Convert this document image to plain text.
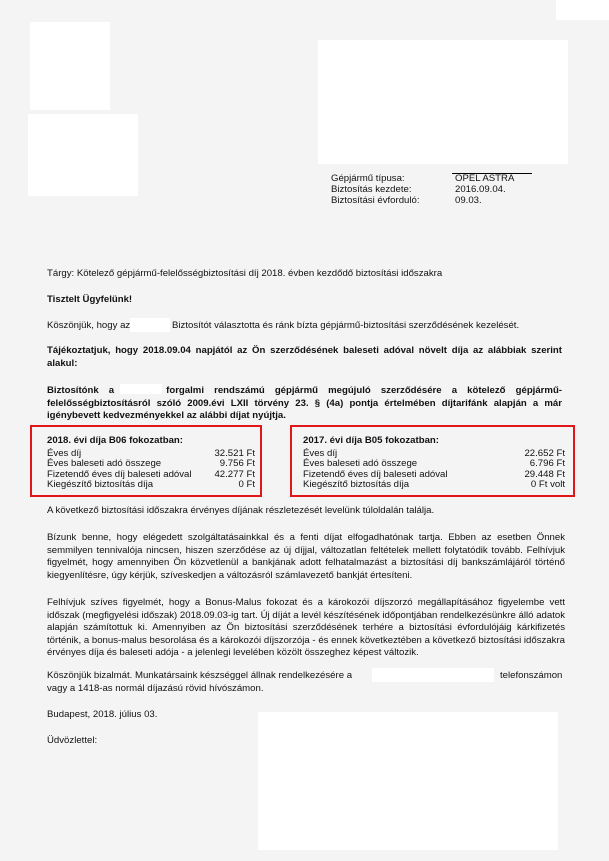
Gépjármű típusa:	OPEL ASTRA
Biztosítás kezdete:	2016.09.04.
Biztosítási évforduló:	09.03.
Tárgy: Kötelező gépjármű-felelősségbiztosítási díj 2018. évben kezdődő biztosítási időszakra
Tisztelt Ügyfelünk!
Köszönjük, hogy az	Biztosítót választotta és ránk bízta gépjármű-biztosítási szerződésének kezelését.
Tájékoztatjuk, hogy 2018.09.04 napjától az Ön szerződésének baleseti adóval növelt díja az alábbiak szerint alakul:
Biztosítónk a	forgalmi rendszámú gépjármű megújuló szerződésére a kötelező gépjármű-felelősségbiztosításról szóló 2009.évi LXII törvény 23. § (4a) pontja értelmében díjtarifánk alapján a már igénybevett kedvezményekkel az alábbi díjat nyújtja.
2018. évi díja B06 fokozatban:
Éves díj	32.521 Ft
Éves baleseti adó összege	9.756 Ft
Fizetendő éves díj baleseti adóval 42.277 Ft
Kiegészítő biztosítás díja	0 Ft
2017. évi díja B05 fokozatban:
Éves díj	22.652 Ft
Éves baleseti adó összege	6.796 Ft
Fizetendő éves díj baleseti adóval	29.448 Ft
Kiegészítő biztosítás díja	0 Ft volt
A következő biztosítási időszakra érvényes díjának részletezését levelünk túloldalán találja.
Bízunk benne, hogy elégedett szolgáltatásainkkal és a fenti díjat elfogadhatónak tartja. Ebben az esetben Önnek semmilyen tennivalója nincsen, hiszen szerződése az új díjjal, változatlan feltételek mellett folytatódik tovább. Felhívjuk figyelmét, hogy amennyiben Ön közvetlenül a bankjának adott felhatalmazást a biztosítási díj bankszámlájáról történő kiegyenlítésre, úgy kérjük, szíveskedjen a változásról számlavezető bankját értesíteni.
Felhívjuk szíves figyelmét, hogy a Bonus-Malus fokozat és a károkozói díjszorzó megállapításához figyelembe vett időszak (megfigyelési időszak) 2018.09.03-ig tart. Új díját a levél készítésének időpontjában rendelkezésünkre álló adatok alapján számítottuk ki. Amennyiben az Ön biztosítási szerződésének terhére a biztosítási évfordulójáig kárkifizetés történik, a bonus-malus besorolása és a károkozói díjszorzója - és ennek következtében a következő biztosítási időszakra érvényes díja és baleseti adója - a jelenlegi levelében közölt összeghez képest változik.
Köszönjük bizalmát. Munkatársaink készséggel állnak rendelkezésére a	telefonszámon
vagy a 1418-as normál díjazású rövid hívószámon.
Budapest, 2018. július 03.
Üdvözlettel:
